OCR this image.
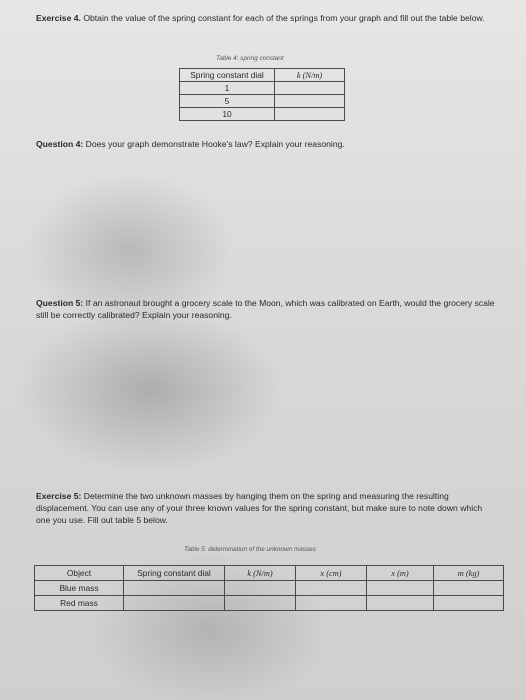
Exercise 4. Obtain the value of the spring constant for each of the springs from your graph and fill out the table below.
Table 4: spring constant
Spring constant dial	k (N/m)
1	
5	
10	
Question 4: Does your graph demonstrate Hooke's law? Explain your reasoning.
Question 5: If an astronaut brought a grocery scale to the Moon, which was calibrated on Earth, would the grocery scale still be correctly calibrated? Explain your reasoning.
Exercise 5: Determine the two unknown masses by hanging them on the spring and measuring the resulting displacement. You can use any of your three known values for the spring constant, but make sure to note down which one you use. Fill out table 5 below.
Table 5: determination of the unknown masses
Object	Spring constant dial	k (N/m)	x (cm)	x (m)	m (kg)
Blue mass					
Red mass					
